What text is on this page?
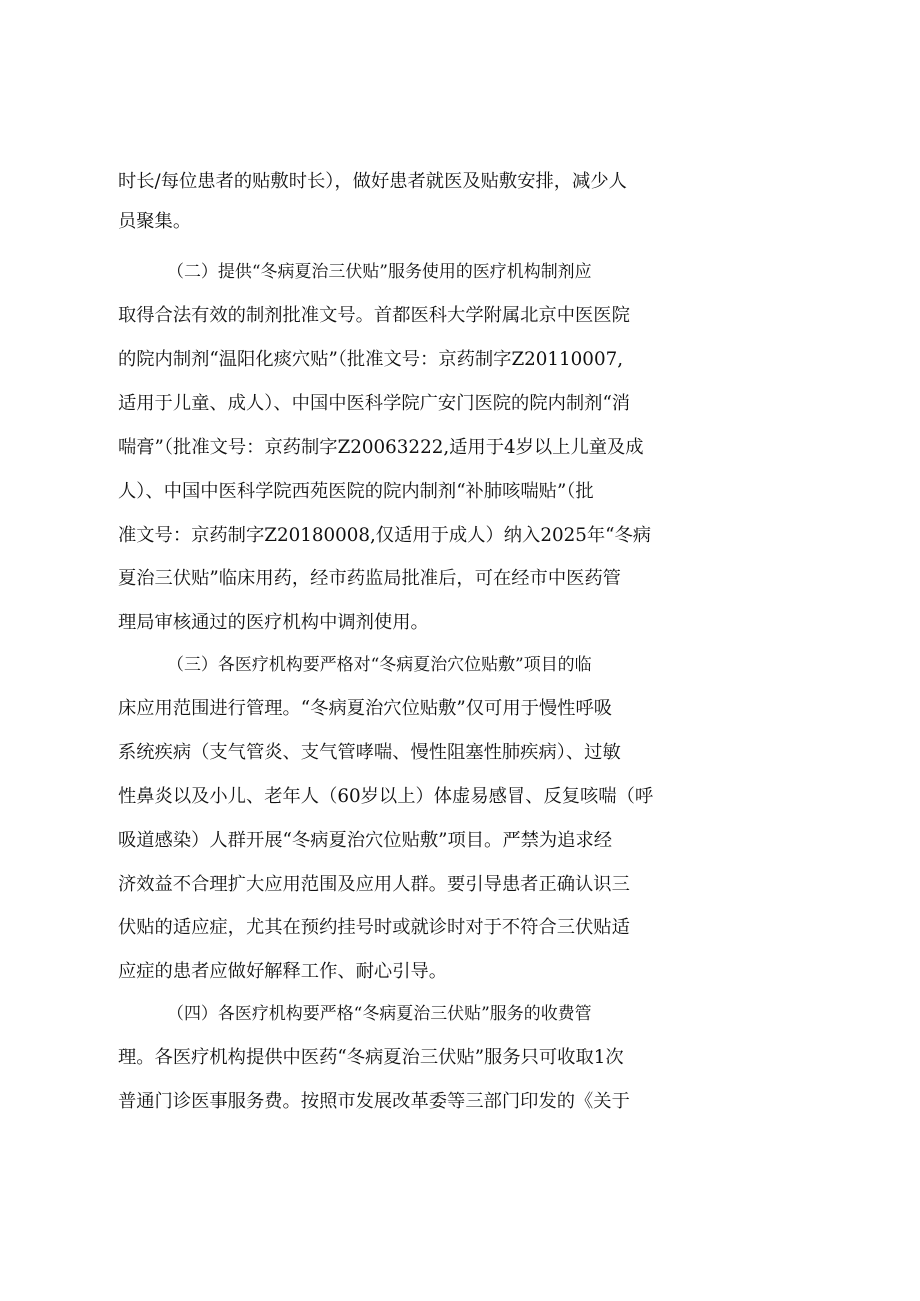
时长/每位患者的贴敷时长），做好患者就医及贴敷安排，减少人
员聚集。
（二）提供“冬病夏治三伏贴”服务使用的医疗机构制剂应
取得合法有效的制剂批准文号。首都医科大学附属北京中医医院
的院内制剂“温阳化痰穴贴”（批准文号：京药制字Z20110007,
适用于儿童、成人）、中国中医科学院广安门医院的院内制剂“消
喘膏”（批准文号：京药制字Z20063222,适用于4岁以上儿童及成
人）、中国中医科学院西苑医院的院内制剂“补肺咳喘贴”（批
准文号：京药制字Z20180008,仅适用于成人）纳入2025年“冬病
夏治三伏贴”临床用药，经市药监局批准后，可在经市中医药管
理局审核通过的医疗机构中调剂使用。
（三）各医疗机构要严格对“冬病夏治穴位贴敷”项目的临
床应用范围进行管理。“冬病夏治穴位贴敷”仅可用于慢性呼吸
系统疾病（支气管炎、支气管哮喘、慢性阻塞性肺疾病）、过敏
性鼻炎以及小儿、老年人（60岁以上）体虚易感冒、反复咳喘（呼
吸道感染）人群开展“冬病夏治穴位贴敷”项目。严禁为追求经
济效益不合理扩大应用范围及应用人群。要引导患者正确认识三
伏贴的适应症，尤其在预约挂号时或就诊时对于不符合三伏贴适
应症的患者应做好解释工作、耐心引导。
（四）各医疗机构要严格“冬病夏治三伏贴”服务的收费管
理。各医疗机构提供中医药“冬病夏治三伏贴”服务只可收取1次
普通门诊医事服务费。按照市发展改革委等三部门印发的《关于
